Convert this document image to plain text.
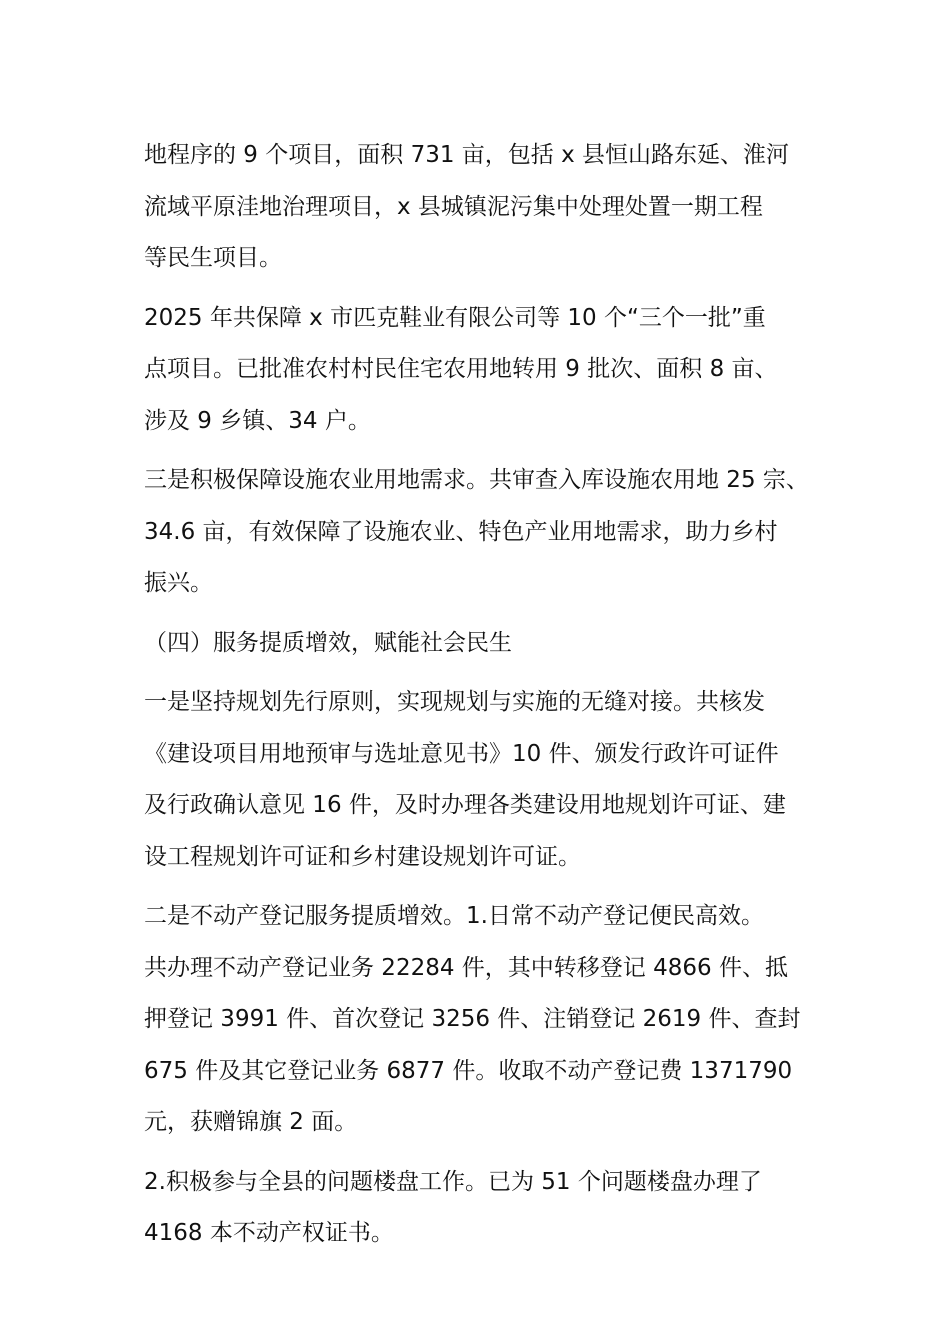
地程序的 9 个项目，面积 731 亩，包括 x 县恒山路东延、淮河
流域平原洼地治理项目，x 县城镇泥污集中处理处置一期工程
等民生项目。
2025 年共保障 x 市匹克鞋业有限公司等 10 个“三个一批”重
点项目。已批准农村村民住宅农用地转用 9 批次、面积 8 亩、
涉及 9 乡镇、34 户。
三是积极保障设施农业用地需求。共审查入库设施农用地 25 宗、
34.6 亩，有效保障了设施农业、特色产业用地需求，助力乡村
振兴。
（四）服务提质增效，赋能社会民生
一是坚持规划先行原则，实现规划与实施的无缝对接。共核发
《建设项目用地预审与选址意见书》10 件、颁发行政许可证件
及行政确认意见 16 件，及时办理各类建设用地规划许可证、建
设工程规划许可证和乡村建设规划许可证。
二是不动产登记服务提质增效。1.日常不动产登记便民高效。
共办理不动产登记业务 22284 件，其中转移登记 4866 件、抵
押登记 3991 件、首次登记 3256 件、注销登记 2619 件、查封
675 件及其它登记业务 6877 件。收取不动产登记费 1371790
元，获赠锦旗 2 面。
2.积极参与全县的问题楼盘工作。已为 51 个问题楼盘办理了
4168 本不动产权证书。
